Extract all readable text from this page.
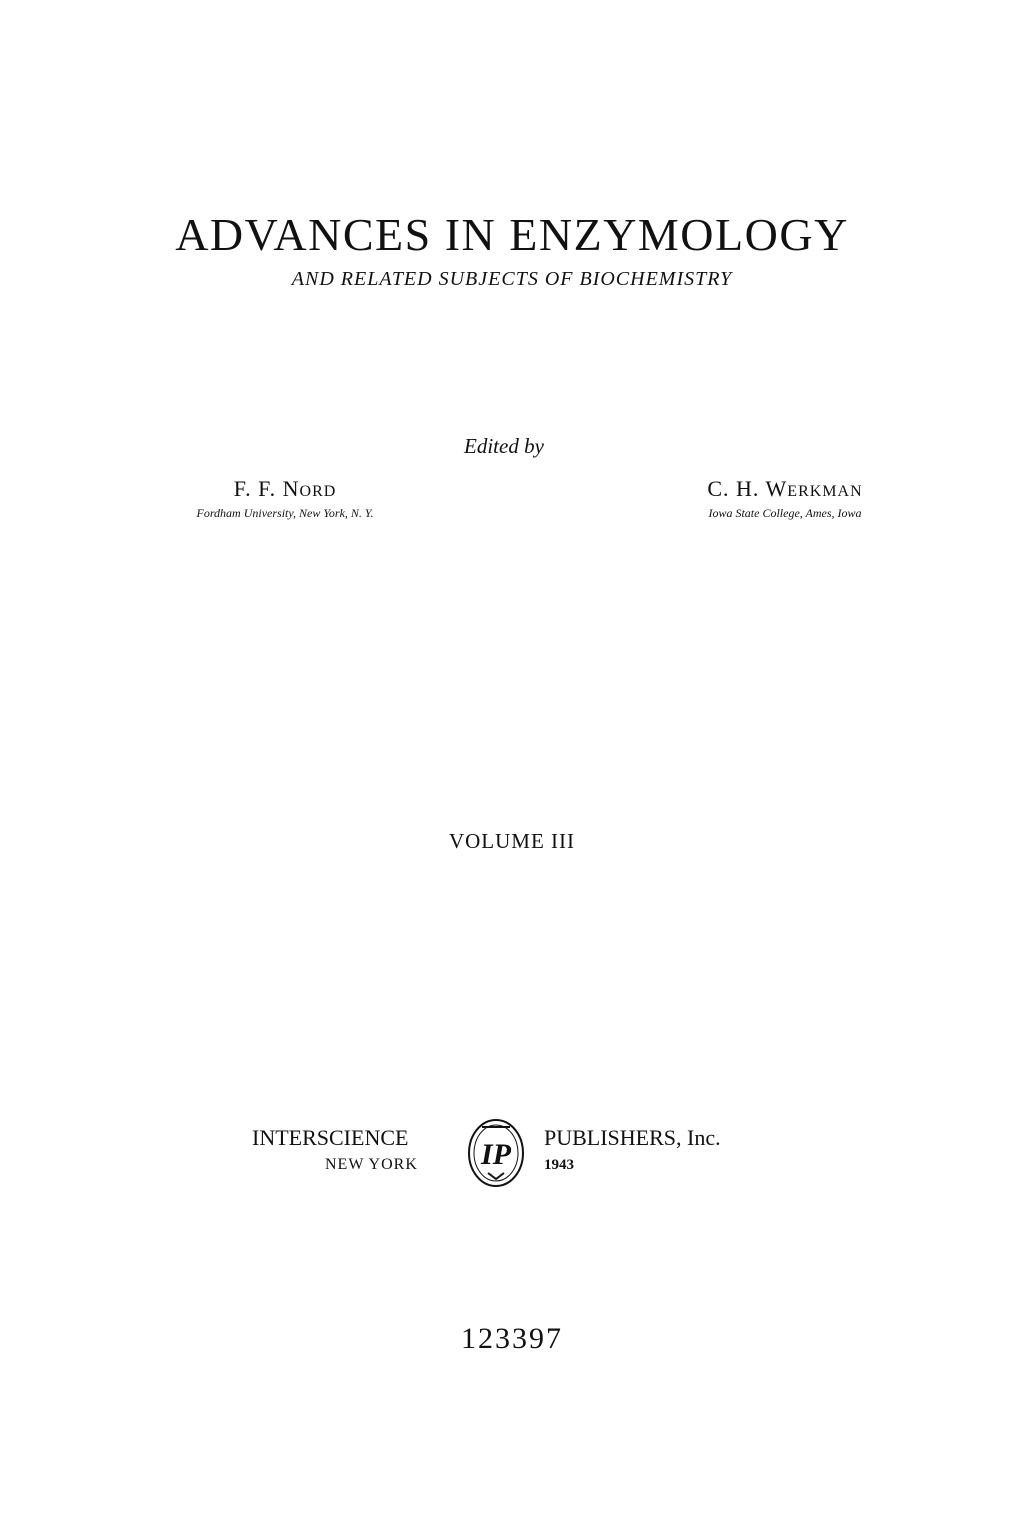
ADVANCES IN ENZYMOLOGY
AND RELATED SUBJECTS OF BIOCHEMISTRY
Edited by
F. F. NORD
Fordham University, New York, N. Y.
C. H. WERKMAN
Iowa State College, Ames, Iowa
VOLUME III
INTERSCIENCE
NEW YORK IP
PUBLISHERS, Inc.
1943
123397
